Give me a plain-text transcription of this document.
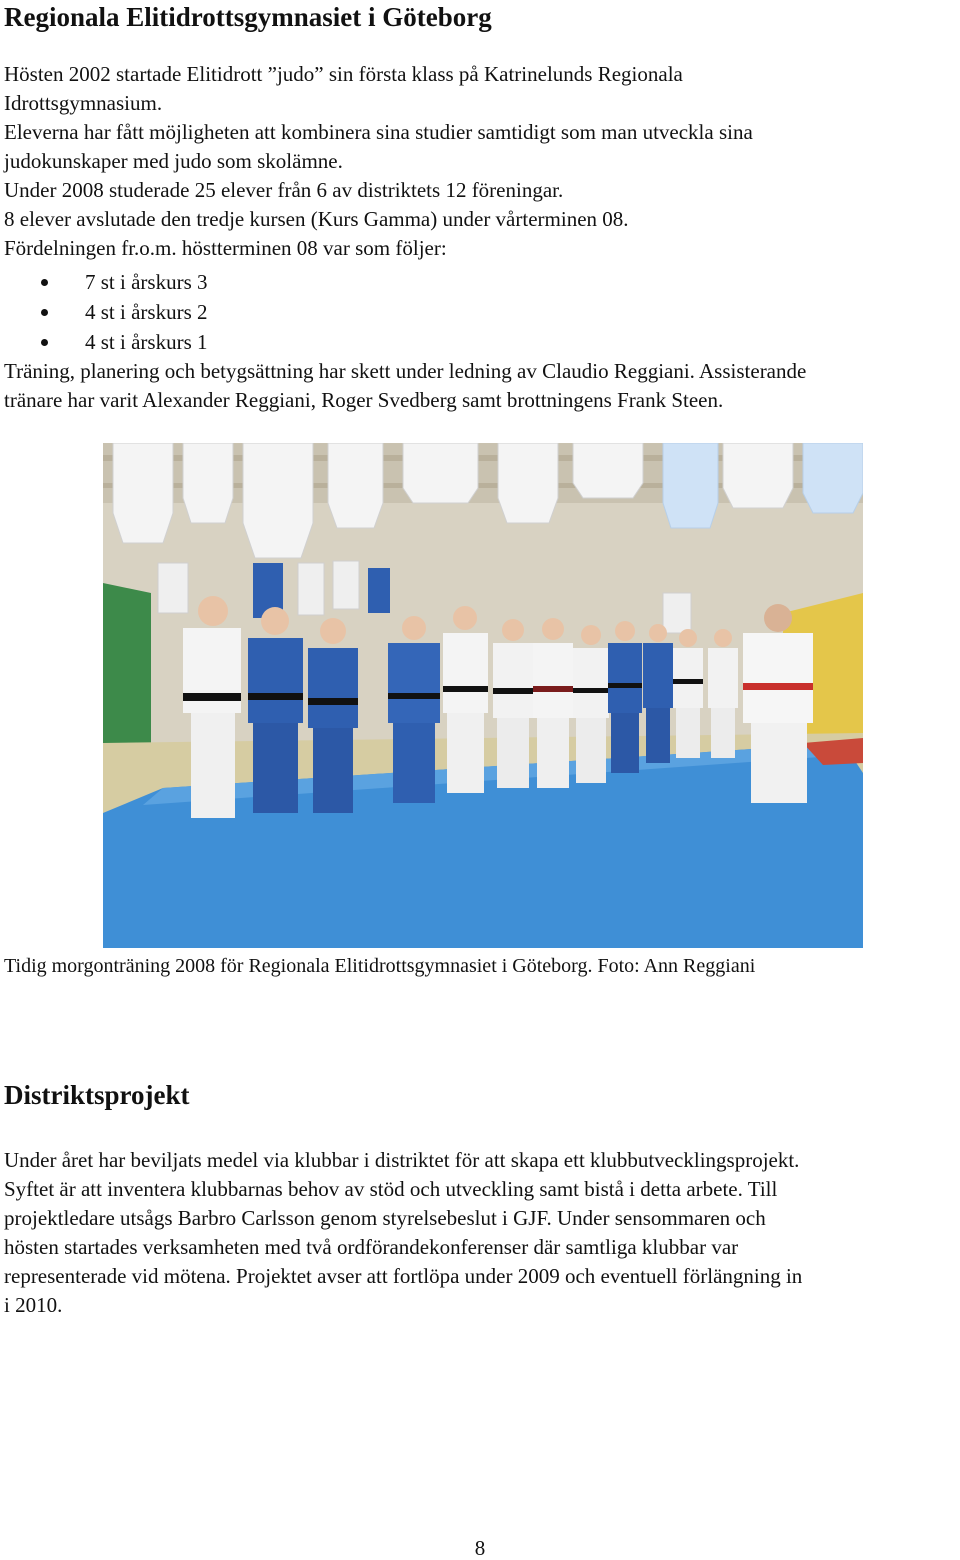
Regionala Elitidrottsgymnasiet i Göteborg

Hösten 2002 startade Elitidrott ”judo” sin första klass på Katrinelunds Regionala
Idrottsgymnasium.
Eleverna har fått möjligheten att kombinera sina studier samtidigt som man utveckla sina
judokunskaper med judo som skolämne.
Under 2008 studerade 25 elever från 6 av distriktets 12 föreningar.
8 elever avslutade den tredje kursen (Kurs Gamma) under vårterminen 08.
Fördelningen fr.o.m. höstterminen 08 var som följer:

7 st i årskurs 3
4 st i årskurs 2
4 st i årskurs 1

Träning, planering och betygsättning har skett under ledning av Claudio Reggiani. Assisterande
tränare har varit Alexander Reggiani, Roger Svedberg samt brottningens Frank Steen.

Tidig morgonträning 2008 för Regionala Elitidrottsgymnasiet i Göteborg. Foto: Ann Reggiani
Distriktsprojekt

Under året har beviljats medel via klubbar i distriktet för att skapa ett klubbutvecklingsprojekt.
Syftet är att inventera klubbarnas behov av stöd och utveckling samt bistå i detta arbete. Till
projektledare utsågs Barbro Carlsson genom styrelsebeslut i GJF. Under sensommaren och
hösten startades verksamheten med två ordförandekonferenser där samtliga klubbar var
representerade vid mötena. Projektet avser att fortlöpa under 2009 och eventuell förlängning in
i 2010.

8
